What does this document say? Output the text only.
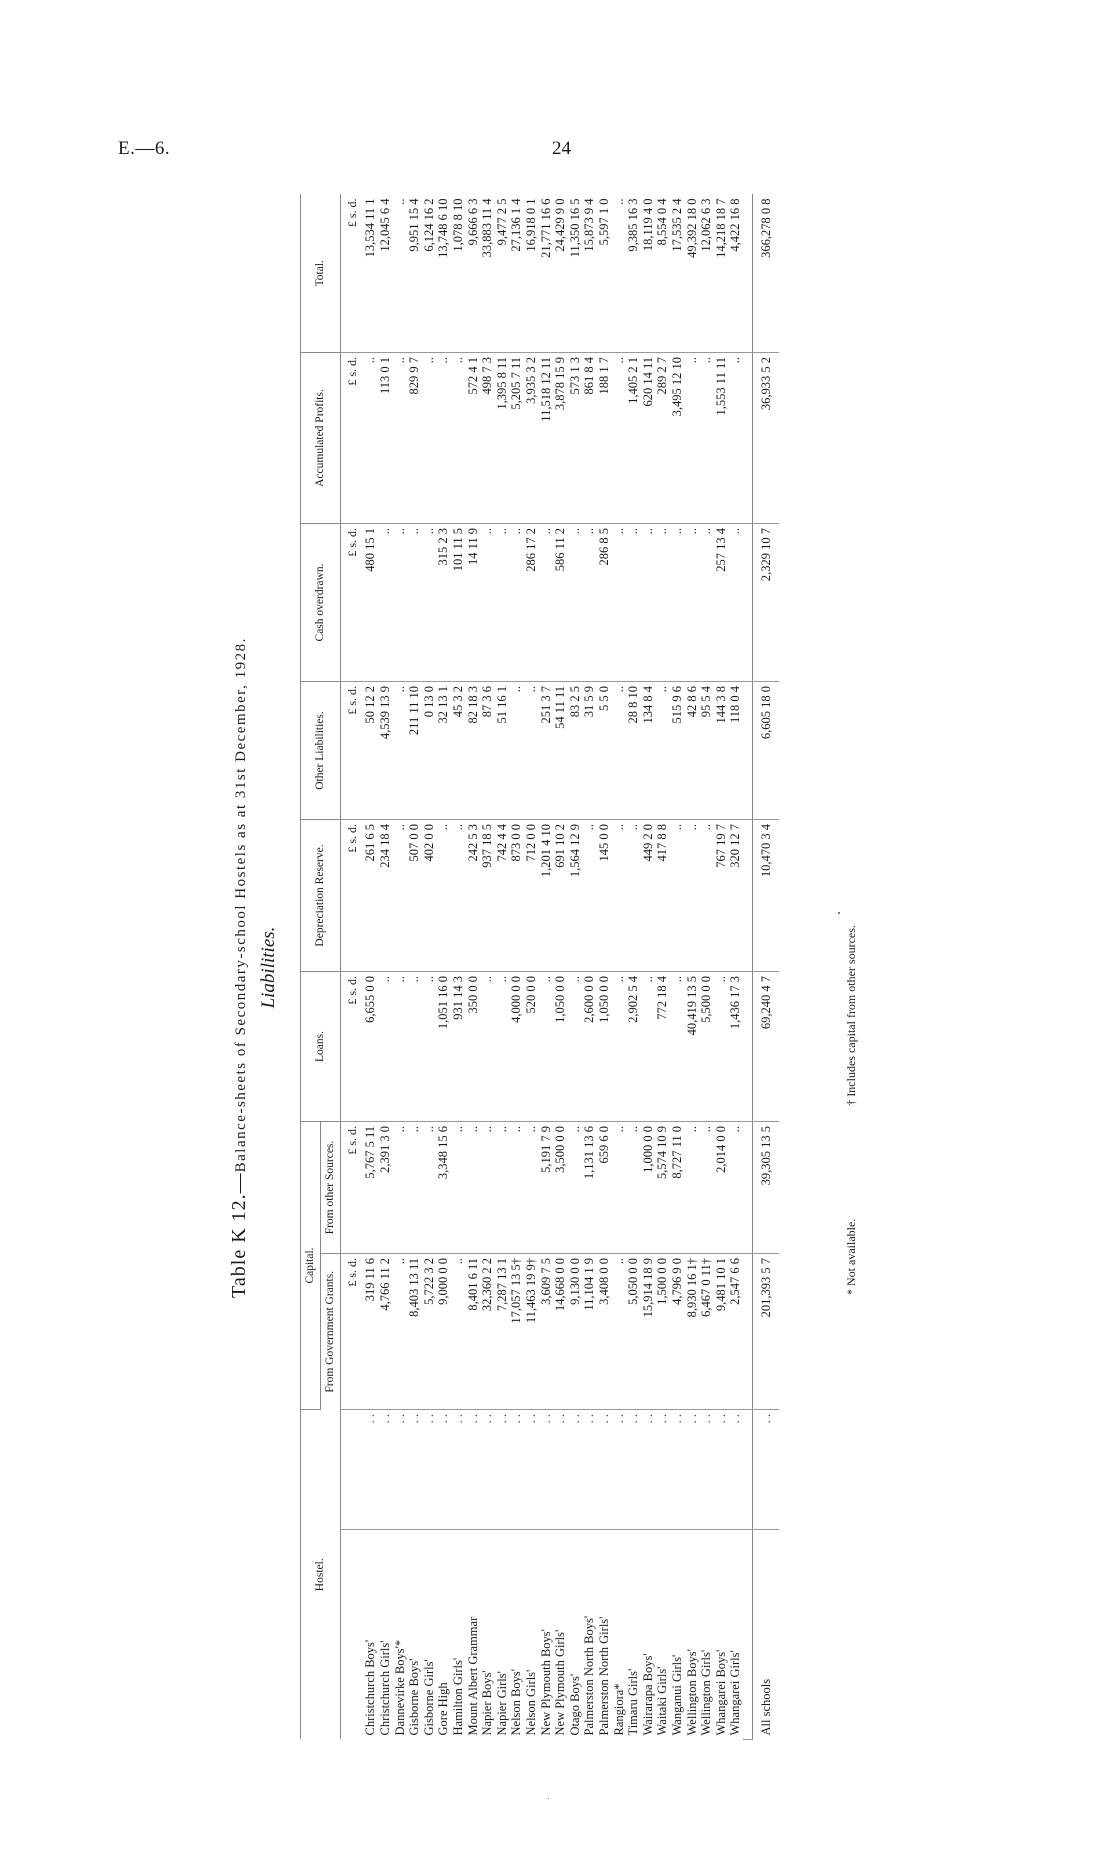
E.—6.	24
Table K 12.—Balance-sheets of Secondary-school Hostels as at 31st December, 1928. Liabilities.
Hostel.		Capital.		Loans.	Depreciation Reserve.	Other Liabilities.	Cash overdrawn.	Accumulated Profits.	Total.
		From Government Grants.	From other Sources.						
		£ s. d.	£ s. d.	£ s. d.	£ s. d.	£ s. d.	£ s. d.	£ s. d.	£ s. d.
Christchurch Boys'	. .	319 11 6	5,767 5 11	6,655 0 0	261 6 5	50 12 2	480 15 1	..	13,534 11 1
Christchurch Girls'	. .	4,766 11 2	2,391 3 0	..	234 18 4	4,539 13 9	..	113 0 1	12,045 6 4
Dannevirke Boys'*	. .	..	..	..	..	..	..	..	..
Gisborne Boys'	. .	8,403 13 11	..	..	507 0 0	211 11 10	..	829 9 7	9,951 15 4
Gisborne Girls'	. .	5,722 3 2	..	..	402 0 0	0 13 0	..	..	6,124 16 2
Gore High	. .	9,000 0 0	3,348 15 6	1,051 16 0	..	32 13 1	315 2 3	..	13,748 6 10
Hamilton Girls'	. .	..	..	931 14 3	..	45 3 2	101 11 5	..	1,078 8 10
Mount Albert Grammar	. .	8,401 6 11	..	350 0 0	242 5 3	82 18 3	14 11 9	572 4 1	9,666 6 3
Napier Boys'	. .	32,360 2 2	..	..	937 18 5	87 3 6	..	498 7 3	33,883 11 4
Napier Girls'	. .	7,287 13 1	..	..	742 4 4	51 16 1	..	1,395 8 11	9,477 2 5
Nelson Boys'	. .	17,057 13 5†	..	4,000 0 0	873 0 0	..	..	5,205 7 11	27,136 1 4
Nelson Girls'	. .	11,463 19 9†	..	520 0 0	712 0 0	..	286 17 2	3,935 3 2	16,918 0 1
New Plymouth Boys'	. .	3,609 7 5	5,191 7 9	..	1,201 4 10	251 3 7	..	11,518 12 11	21,771 16 6
New Plymouth Girls'	. .	14,668 0 0	3,500 0 0	1,050 0 0	691 10 2	54 11 11	586 11 2	3,878 15 9	24,429 9 0
Otago Boys'	. .	9,130 0 0	..	..	1,564 12 9	83 2 5	..	573 1 3	11,350 16 5
Palmerston North Boys'	. .	11,104 1 9	1,131 13 6	2,600 0 0	..	31 5 9	..	861 8 4	15,873 9 4
Palmerston North Girls'	. .	3,408 0 0	659 6 0	1,050 0 0	145 0 0	5 5 0	286 8 5	188 1 7	5,597 1 0
Rangiora*	. .	..	..	..	..	..	..	..	..
Timaru Girls'	. .	5,050 0 0	..	2,902 5 4	..	28 8 10	..	1,405 2 1	9,385 16 3
Wairarapa Boys'	. .	15,914 18 9	1,000 0 0	..	449 2 0	134 8 4	..	620 14 11	18,119 4 0
Waitaki Girls'	. .	1,500 0 0	5,574 10 9	772 18 4	417 8 8	..	..	289 2 7	8,554 0 4
Wanganui Girls'	. .	4,796 9 0	8,727 11 0	..	..	515 9 6	..	3,495 12 10	17,535 2 4
Wellington Boys'	. .	8,930 16 1†	..	40,419 13 5	..	42 8 6	..	..	49,392 18 0
Wellington Girls'	. .	6,467 0 11†	..	5,500 0 0	..	95 5 4	..	..	12,062 6 3
Whangarei Boys'	. .	9,481 10 1	2,014 0 0	..	767 19 7	144 3 8	257 13 4	1,553 11 11	14,218 18 7
Whangarei Girls'	. .	2,547 6 6	..	1,436 17 3	320 12 7	118 0 4	..	..	4,422 16 8

All schools	. .	201,393 5 7	39,305 13 5	69,240 4 7	10,470 3 4	6,605 18 0	2,329 10 7	36,933 5 2	366,278 0 8
* Not available. † Includes capital from other sources.
